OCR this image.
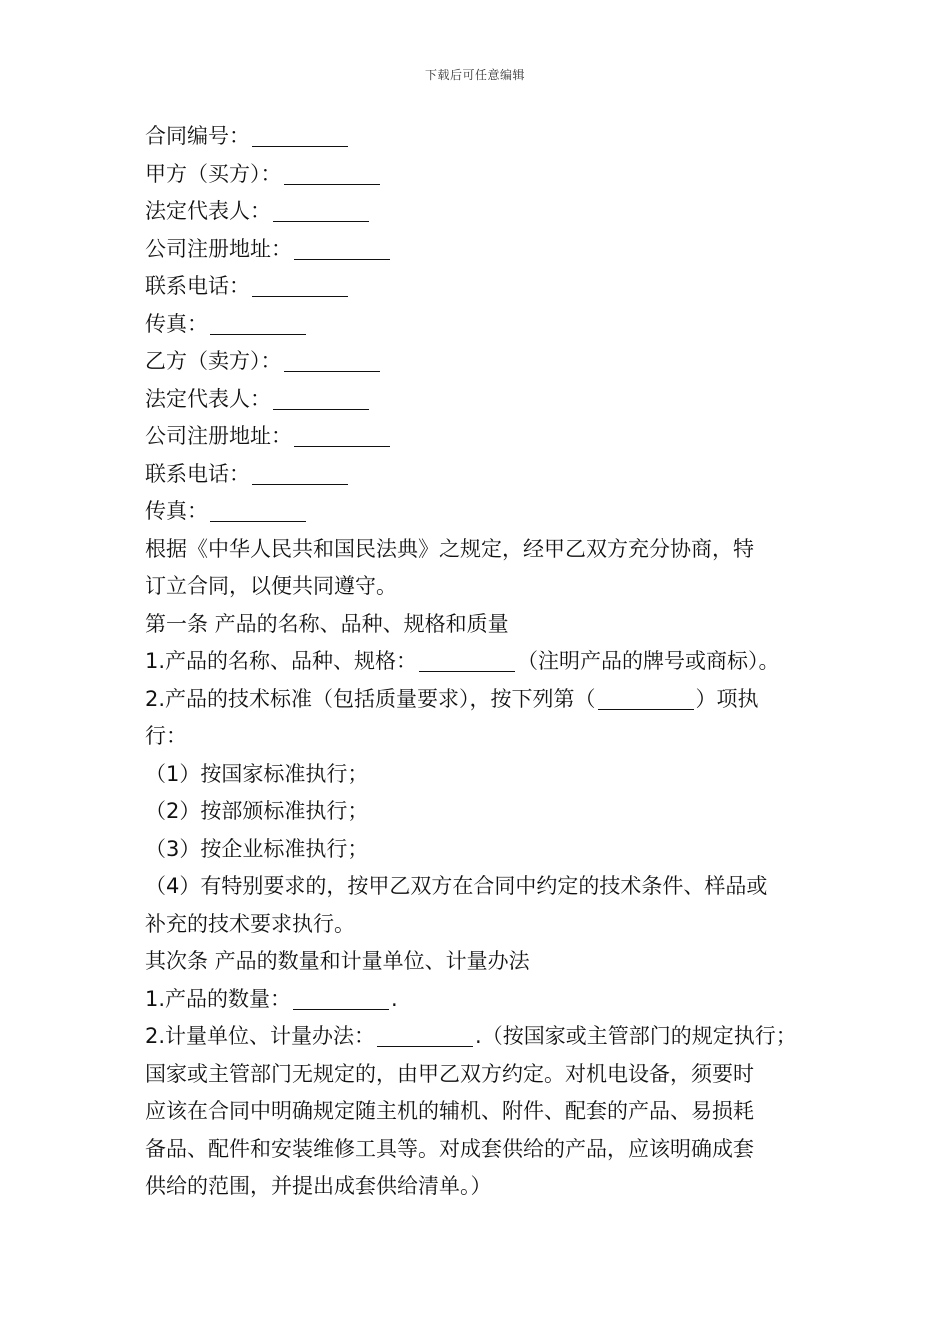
下载后可任意编辑
合同编号：
甲方（买方）：
法定代表人：
公司注册地址：
联系电话：
传真：
乙方（卖方）：
法定代表人：
公司注册地址：
联系电话：
传真：
根据《中华人民共和国民法典》之规定，经甲乙双方充分协商，特
订立合同，以便共同遵守。
第一条 产品的名称、品种、规格和质量
1.产品的名称、品种、规格：	（注明产品的牌号或商标）。
2.产品的技术标准（包括质量要求），按下列第（	）项执
行：
（1）按国家标准执行；
（2）按部颁标准执行；
（3）按企业标准执行；
（4）有特别要求的，按甲乙双方在合同中约定的技术条件、样品或
补充的技术要求执行。
其次条 产品的数量和计量单位、计量办法
1.产品的数量：	.
2.计量单位、计量办法：	.（按国家或主管部门的规定执行；
国家或主管部门无规定的，由甲乙双方约定。对机电设备，须要时
应该在合同中明确规定随主机的辅机、附件、配套的产品、易损耗
备品、配件和安装维修工具等。对成套供给的产品，应该明确成套
供给的范围，并提出成套供给清单。）
